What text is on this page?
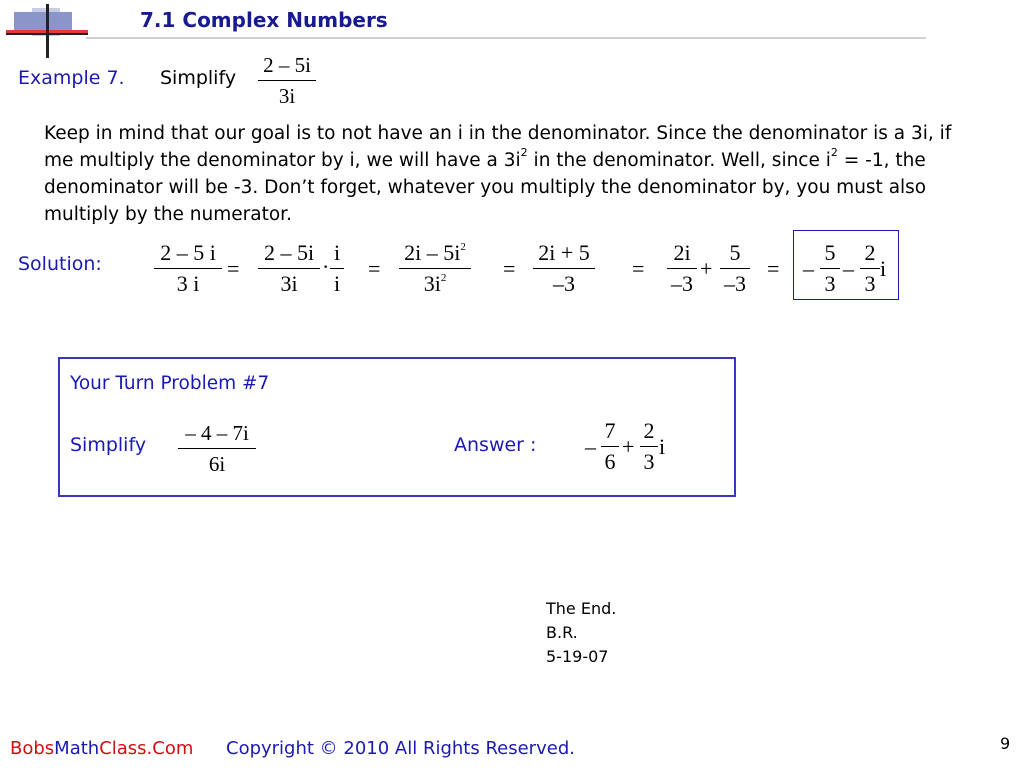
7.1 Complex Numbers
Example 7. Simplify
2 – 5i
3i
Keep in mind that our goal is to not have an i in the denominator. Since the denominator is a 3i, if me multiply the denominator by i, we will have a $3i^2$ in the denominator. Well, since $i^2 = -1$, the denominator will be -3. Don’t forget, whatever you multiply the denominator by, you must also multiply by the numerator.
Solution:	2 – 5 i
3 i
=
2 – 5i
3i
·
i
i
=
$2i - 5i^2$
$3i^2$	=
2i + 5
–3
=
2i
–3
+
5
–3
= –
5
3
–
2
3
i
Your Turn Problem #7
Simplify	– 4 – 7i
6i
Answer : –
7
6
+
2
3
i
The End.
B.R.
5-19-07
BobsMathClass.Com Copyright © 2010 All Rights Reserved.	9
